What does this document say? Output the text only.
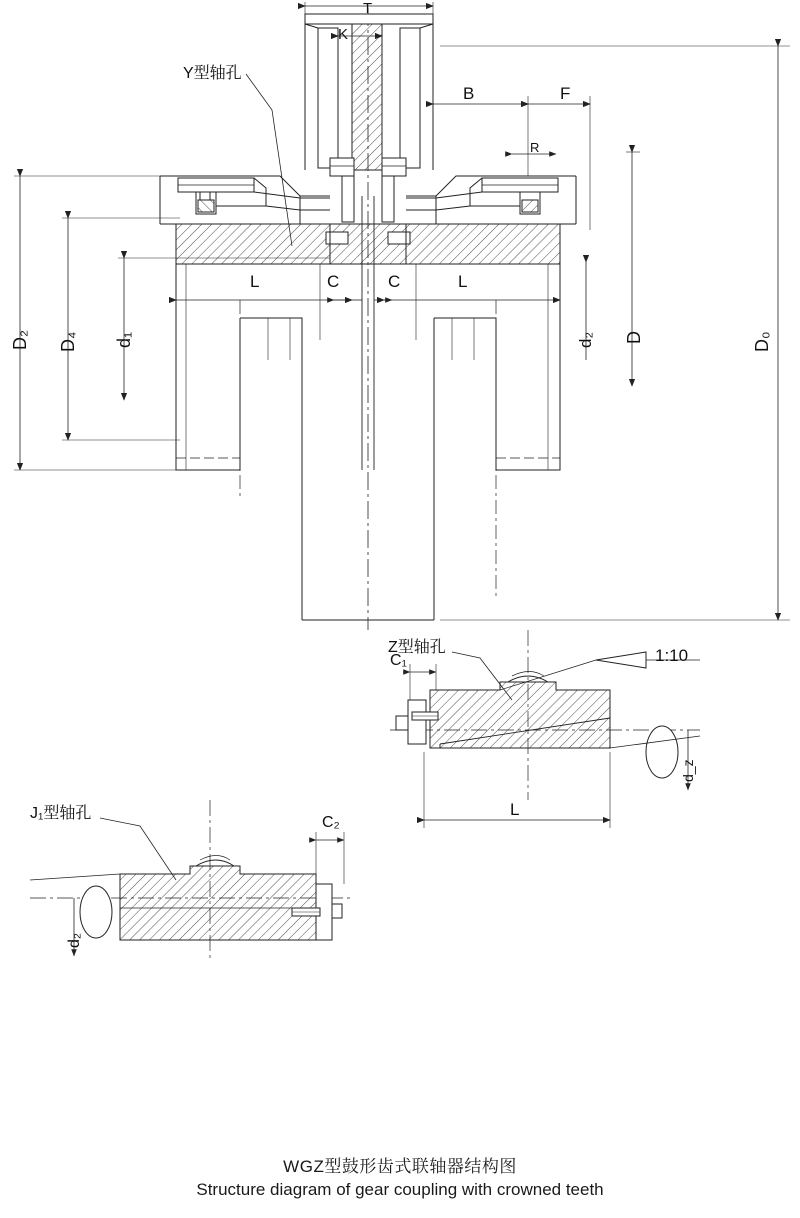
T
K
Y型轴孔
B	F
R
L	C	C	L
D₂ D₄ d₁	d₂ D	D₀
Z型轴孔	1:10
C₁
L
d_z
J₁型轴孔
C₂
d₂
WGZ型鼓形齿式联轴器结构图
Structure diagram of gear coupling with crowned teeth
